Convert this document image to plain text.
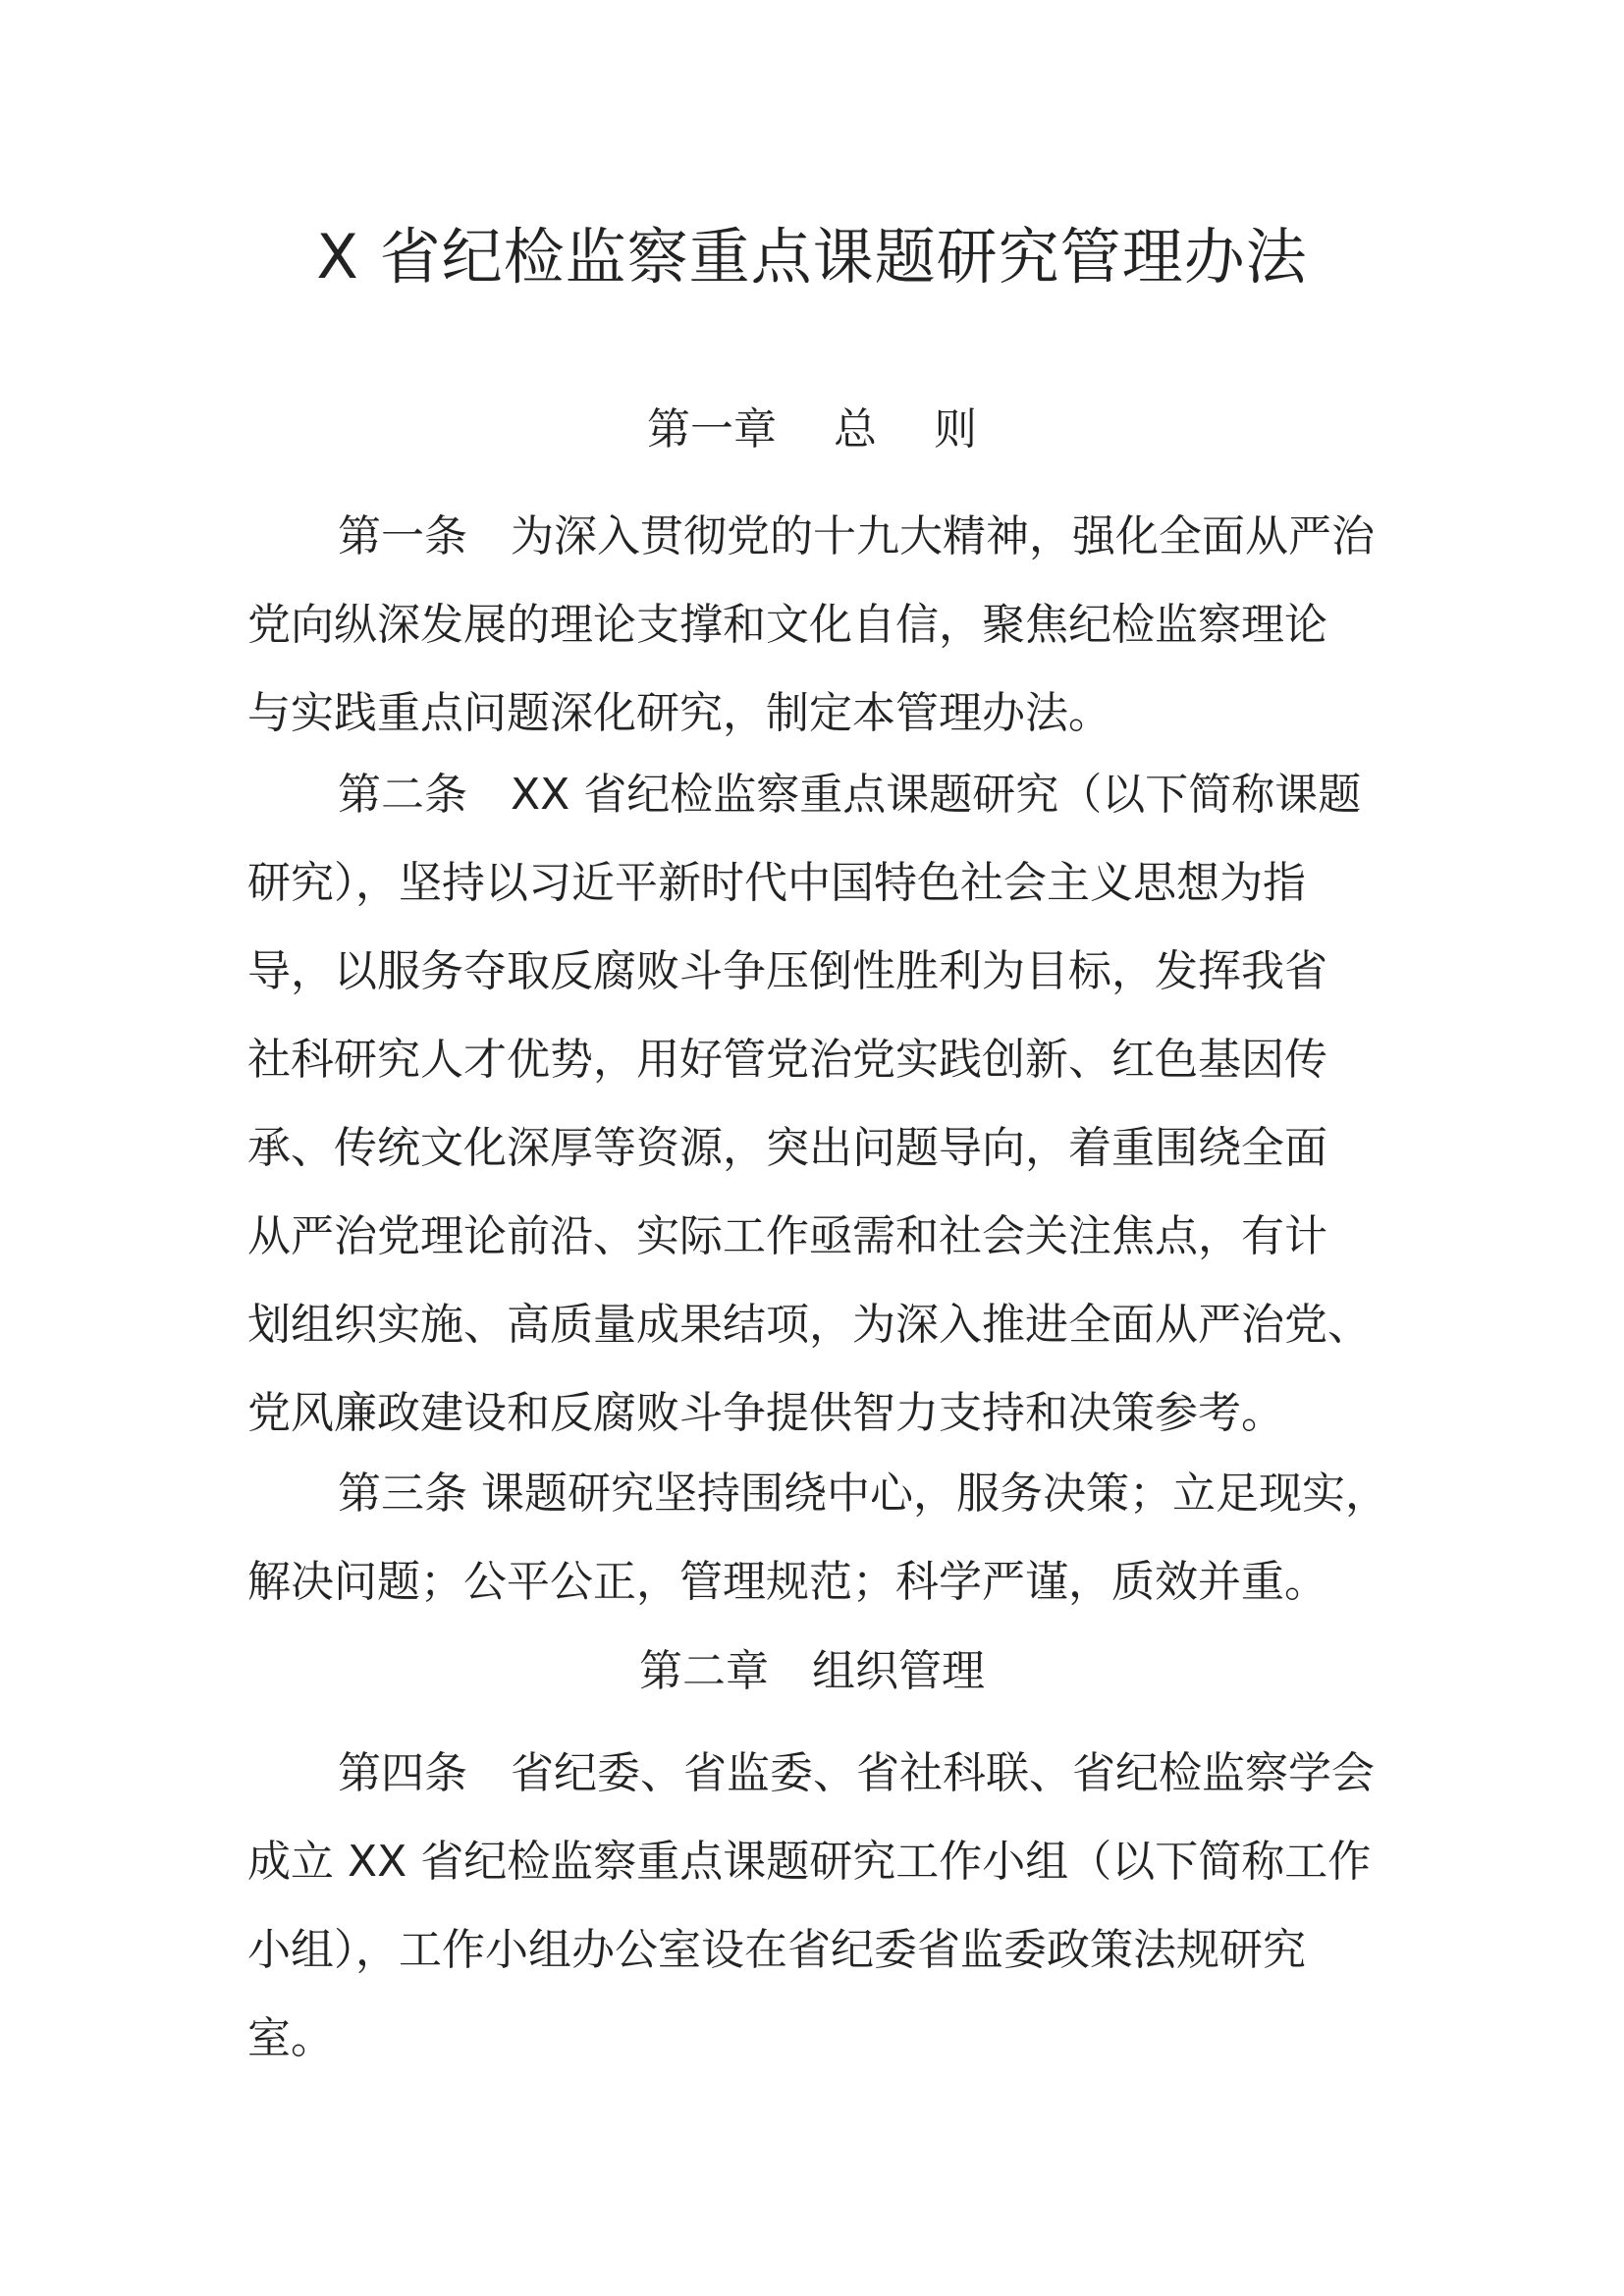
X 省纪检监察重点课题研究管理办法
第一章　 总　 则
第一条　为深入贯彻党的十九大精神，强化全面从严治
党向纵深发展的理论支撑和文化自信，聚焦纪检监察理论
与实践重点问题深化研究，制定本管理办法。
第二条　XX 省纪检监察重点课题研究（以下简称课题
研究），坚持以习近平新时代中国特色社会主义思想为指
导，以服务夺取反腐败斗争压倒性胜利为目标，发挥我省
社科研究人才优势，用好管党治党实践创新、红色基因传
承、传统文化深厚等资源，突出问题导向，着重围绕全面
从严治党理论前沿、实际工作亟需和社会关注焦点，有计
划组织实施、高质量成果结项，为深入推进全面从严治党、
党风廉政建设和反腐败斗争提供智力支持和决策参考。
第三条 课题研究坚持围绕中心，服务决策；立足现实，
解决问题；公平公正，管理规范；科学严谨，质效并重。
第二章　组织管理
第四条　省纪委、省监委、省社科联、省纪检监察学会
成立 XX 省纪检监察重点课题研究工作小组（以下简称工作
小组），工作小组办公室设在省纪委省监委政策法规研究
室。
